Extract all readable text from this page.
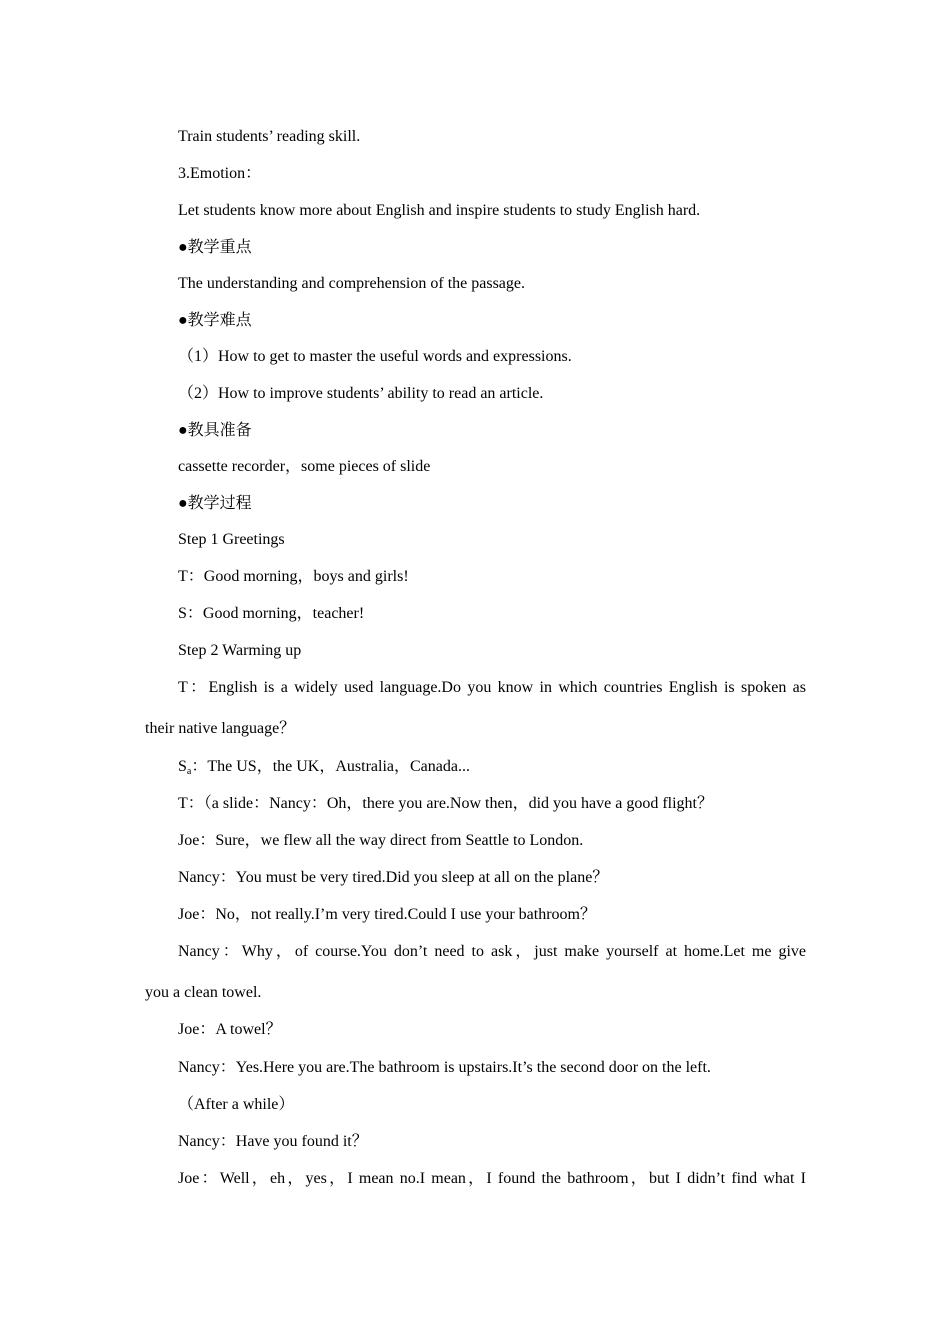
Train students’ reading skill.
3.Emotion：
Let students know more about English and inspire students to study English hard.
●教学重点
The understanding and comprehension of the passage.
●教学难点
（1）How to get to master the useful words and expressions.
（2）How to improve students’ ability to read an article.
●教具准备
cassette recorder，some pieces of slide
●教学过程
Step 1 Greetings
T：Good morning，boys and girls!
S：Good morning，teacher!
Step 2 Warming up
T：English is a widely used language.Do you know in which countries English is spoken as
their native language？
$S_a$：The US，the UK，Australia，Canada...
T：（a slide：Nancy：Oh，there you are.Now then，did you have a good flight？
Joe：Sure，we flew all the way direct from Seattle to London.
Nancy：You must be very tired.Did you sleep at all on the plane？
Joe：No，not really.I’m very tired.Could I use your bathroom？
Nancy：Why，of course.You don’t need to ask，just make yourself at home.Let me give
you a clean towel.
Joe：A towel？
Nancy：Yes.Here you are.The bathroom is upstairs.It’s the second door on the left.
（After a while）
Nancy：Have you found it？
Joe：Well，eh，yes，I mean no.I mean，I found the bathroom，but I didn’t find what I
